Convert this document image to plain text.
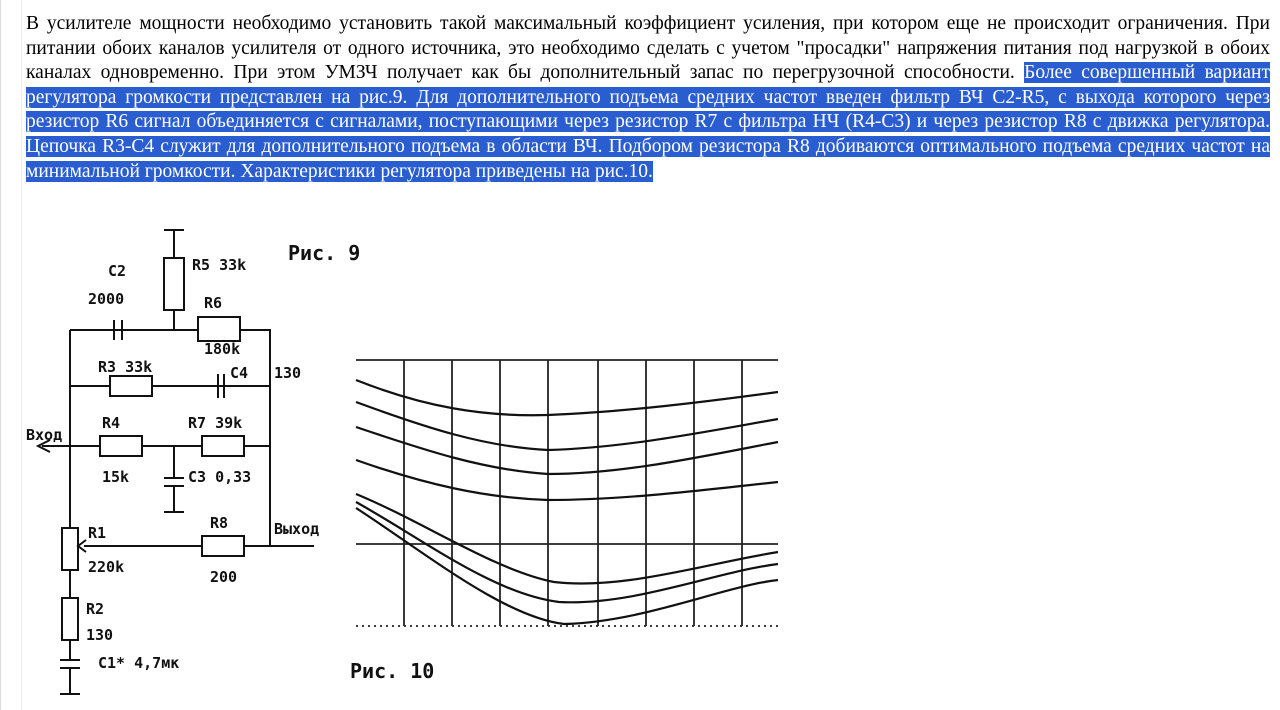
В усилителе мощности необходимо установить такой максимальный коэффициент усиления, при котором еще не происходит ограничения. При питании обоих каналов усилителя от одного источника, это необходимо сделать с учетом "просадки" напряжения питания под нагрузкой в обоих каналах одновременно. При этом УМЗЧ получает как бы дополнительный запас по перегрузочной способности. Более совершенный вариант регулятора громкости представлен на рис.9. Для дополнительного подъема средних частот введен фильтр ВЧ C2-R5, с выхода которого через резистор R6 сигнал объединяется с сигналами, поступающими через резистор R7 с фильтра НЧ (R4-C3) и через резистор R8 с движка регулятора. Цепочка R3-C4 служит для дополнительного подъема в области ВЧ. Подбором резистора R8 добиваются оптимального подъема средних частот на минимальной громкости. Характеристики регулятора приведены на рис.10.

Рис. 9
C2
2000
R5 33k
R6
180k
R3 33k	C4 130
Вход
R4
15k
R7 39k
C3 0,33
R1
220k
R8
200
Выход
R2
130
C1* 4,7мк	Рис. 10
